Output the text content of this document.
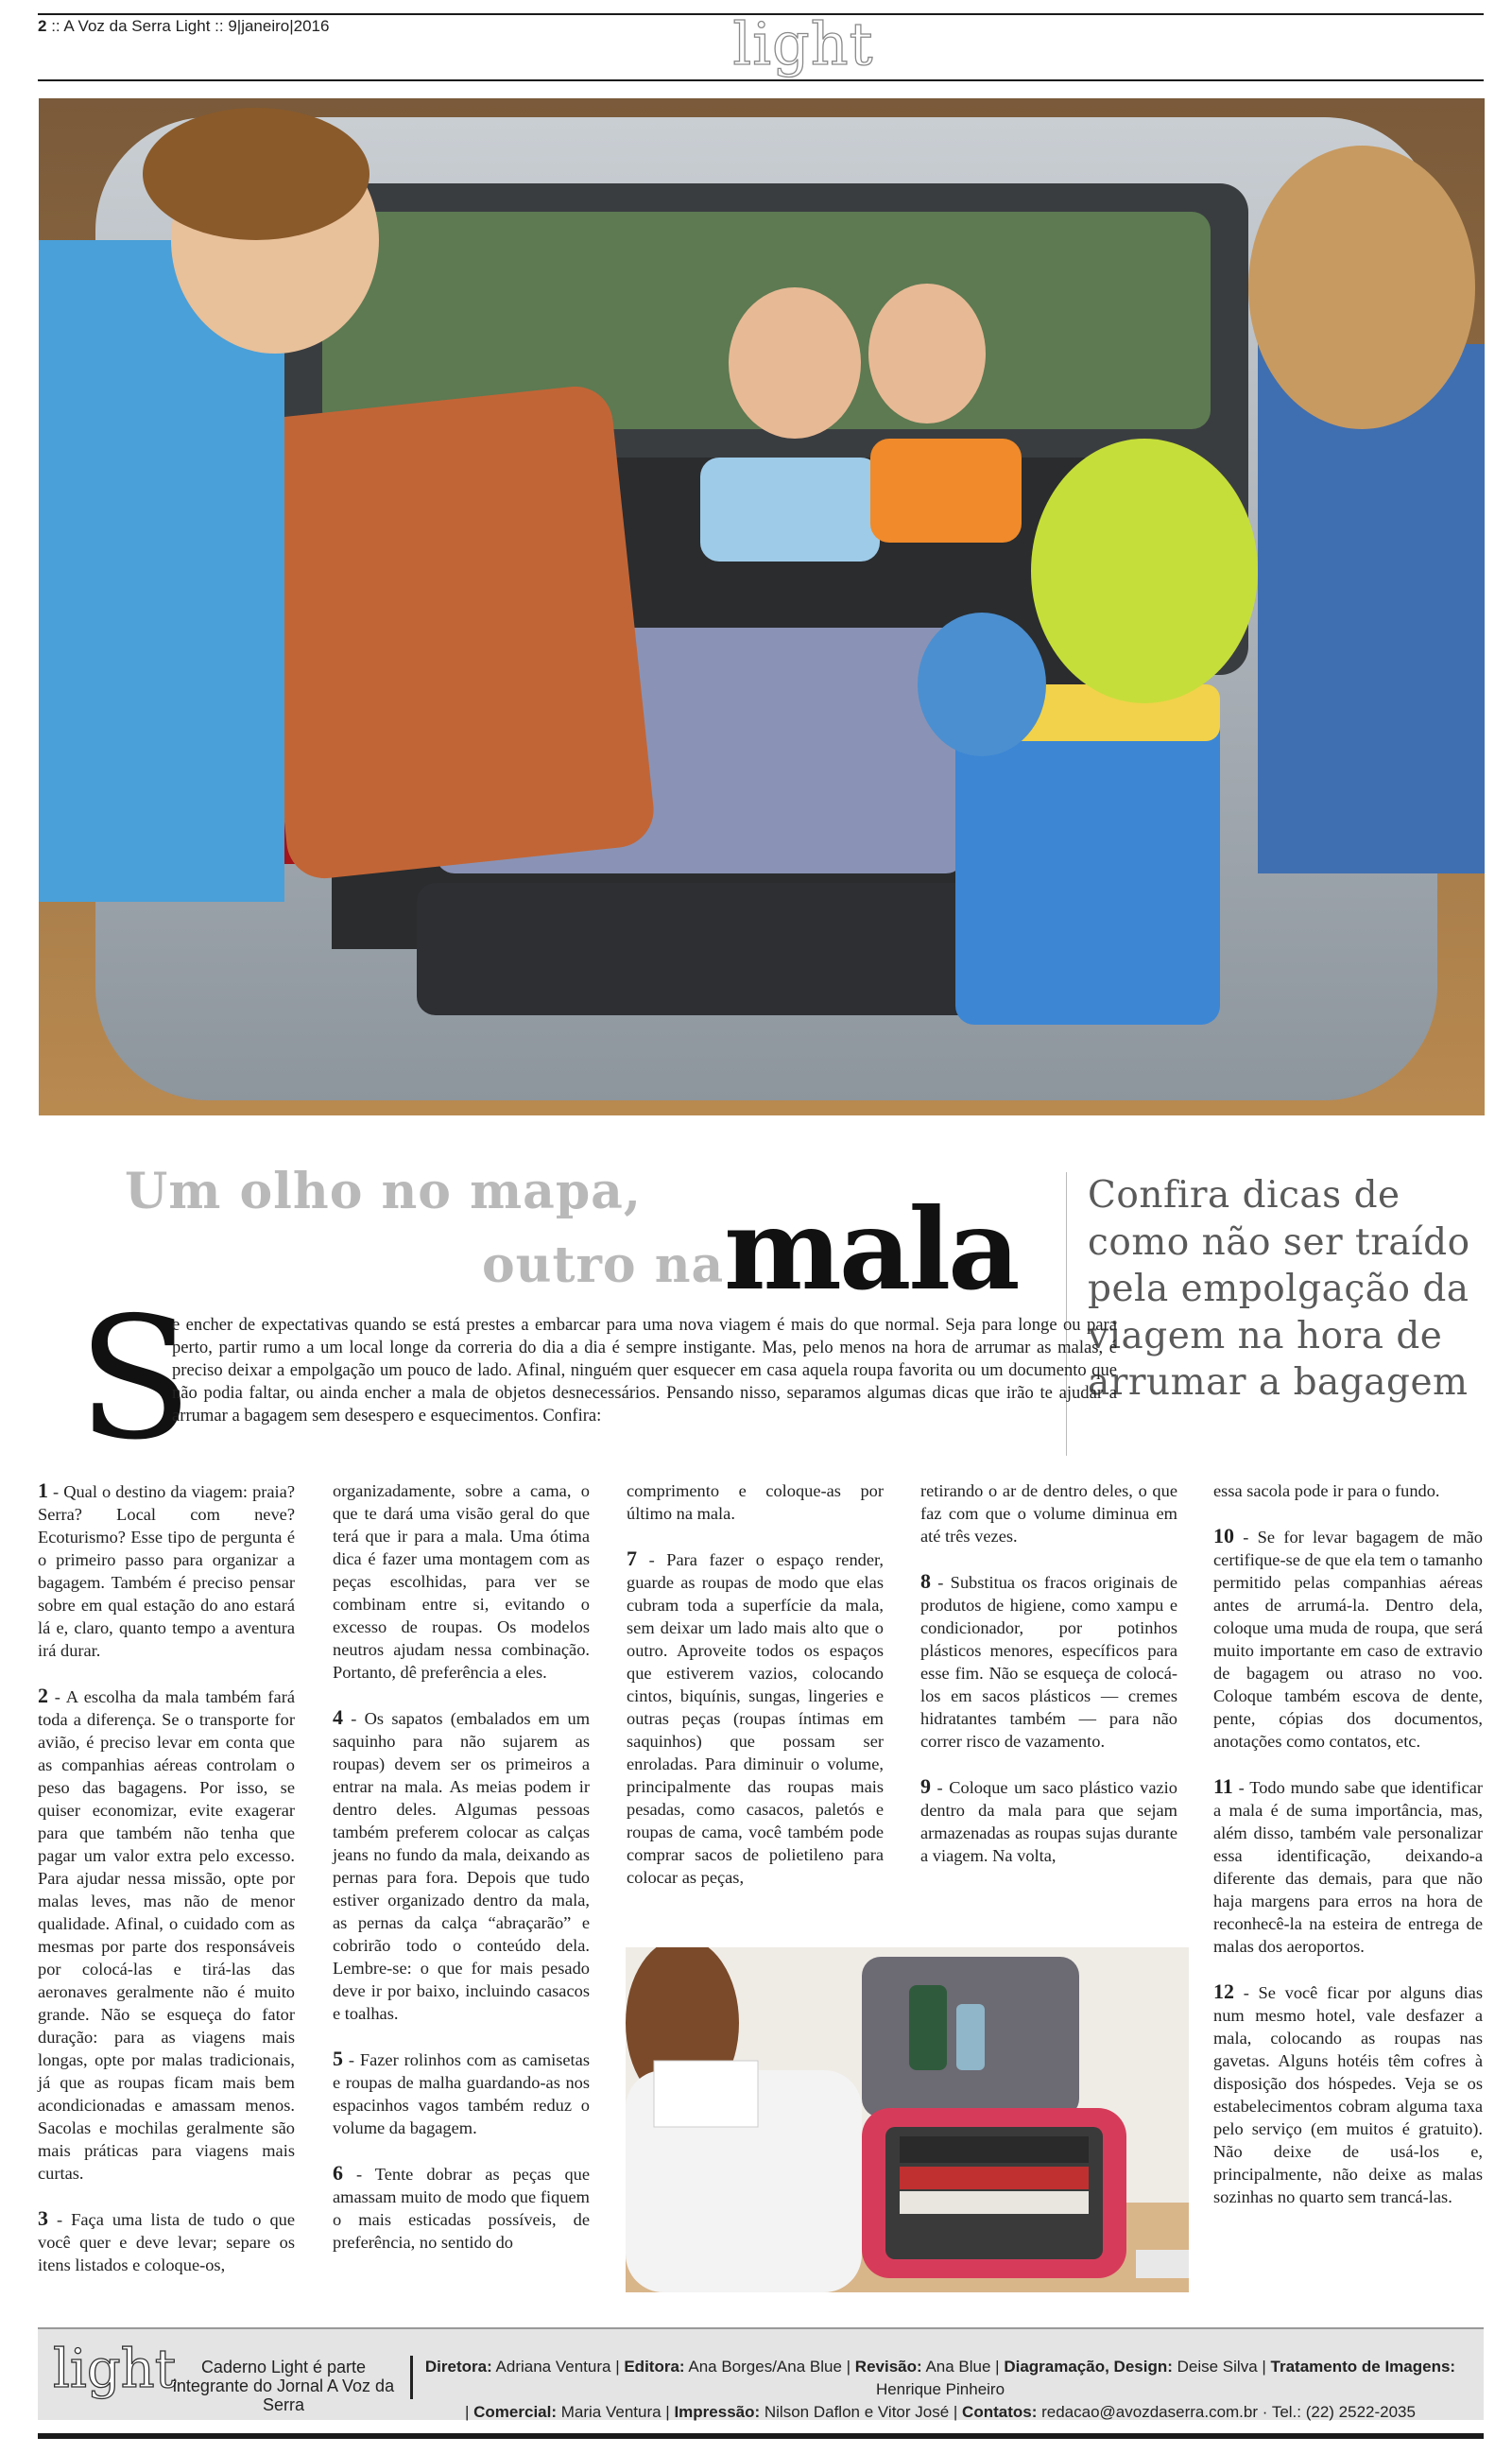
2 :: A Voz da Serra Light :: 9|janeiro|2016	light
Um olho no mapa,
outro na mala Confira dicas de como não ser traído pela empolgação da viagem na hora de arrumar a bagagem

S

e encher de expectativas quando se está prestes a embarcar para uma nova viagem é mais do que normal. Seja para longe ou para perto, partir rumo a um local longe da correria do dia a dia é sempre instigante. Mas, pelo menos na hora de arrumar as malas, é preciso deixar a empolgação um pouco de lado. Afinal, ninguém quer esquecer em casa aquela roupa favorita ou um documento que não podia faltar, ou ainda encher a mala de objetos desnecessários. Pensando nisso, separamos algumas dicas que irão te ajudar a arrumar a bagagem sem desespero e esquecimentos. Confira:

1 - Qual o destino da viagem: praia? Serra? Local com neve? Ecoturismo? Esse tipo de pergunta é o primeiro passo para organizar a bagagem. Também é preciso pensar sobre em qual estação do ano estará lá e, claro, quanto tempo a aventura irá durar.

2 - A escolha da mala também fará toda a diferença. Se o transporte for avião, é preciso levar em conta que as companhias aéreas controlam o peso das bagagens. Por isso, se quiser economizar, evite exagerar para que também não tenha que pagar um valor extra pelo excesso. Para ajudar nessa missão, opte por malas leves, mas não de menor qualidade. Afinal, o cuidado com as mesmas por parte dos responsáveis por colocá-las e tirá-las das aeronaves geralmente não é muito grande. Não se esqueça do fator duração: para as viagens mais longas, opte por malas tradicionais, já que as roupas ficam mais bem acondicionadas e amassam menos. Sacolas e mochilas geralmente são mais práticas para viagens mais curtas.

3 - Faça uma lista de tudo o que você quer e deve levar; separe os itens listados e coloque-os,

organizadamente, sobre a cama, o que te dará uma visão geral do que terá que ir para a mala. Uma ótima dica é fazer uma montagem com as peças escolhidas, para ver se combinam entre si, evitando o excesso de roupas. Os modelos neutros ajudam nessa combinação. Portanto, dê preferência a eles.

4 - Os sapatos (embalados em um saquinho para não sujarem as roupas) devem ser os primeiros a entrar na mala. As meias podem ir dentro deles. Algumas pessoas também preferem colocar as calças jeans no fundo da mala, deixando as pernas para fora. Depois que tudo estiver organizado dentro da mala, as pernas da calça “abraçarão” e cobrirão todo o conteúdo dela. Lembre-se: o que for mais pesado deve ir por baixo, incluindo casacos e toalhas.

5 - Fazer rolinhos com as camisetas e roupas de malha guardando-as nos espacinhos vagos também reduz o volume da bagagem.

6 - Tente dobrar as peças que amassam muito de modo que fiquem o mais esticadas possíveis, de preferência, no sentido do

comprimento e coloque-as por último na mala.

7 - Para fazer o espaço render, guarde as roupas de modo que elas cubram toda a superfície da mala, sem deixar um lado mais alto que o outro. Aproveite todos os espaços que estiverem vazios, colocando cintos, biquínis, sungas, lingeries e outras peças (roupas íntimas em saquinhos) que possam ser enroladas. Para diminuir o volume, principalmente das roupas mais pesadas, como casacos, paletós e roupas de cama, você também pode comprar sacos de polietileno para colocar as peças,

retirando o ar de dentro deles, o que faz com que o volume diminua em até três vezes.

8 - Substitua os fracos originais de produtos de higiene, como xampu e condicionador, por potinhos plásticos menores, específicos para esse fim. Não se esqueça de colocá-los em sacos plásticos — cremes hidratantes também — para não correr risco de vazamento.

9 - Coloque um saco plástico vazio dentro da mala para que sejam armazenadas as roupas sujas durante a viagem. Na volta,

essa sacola pode ir para o fundo.

10 - Se for levar bagagem de mão certifique-se de que ela tem o tamanho permitido pelas companhias aéreas antes de arrumá-la. Dentro dela, coloque uma muda de roupa, que será muito importante em caso de extravio de bagagem ou atraso no voo. Coloque também escova de dente, pente, cópias dos documentos, anotações como contatos, etc.

11 - Todo mundo sabe que identificar a mala é de suma importância, mas, além disso, também vale personalizar essa identificação, deixando-a diferente das demais, para que não haja margens para erros na hora de reconhecê-la na esteira de entrega de malas dos aeroportos.

12 - Se você ficar por alguns dias num mesmo hotel, vale desfazer a mala, colocando as roupas nas gavetas. Alguns hotéis têm cofres à disposição dos hóspedes. Veja se os estabelecimentos cobram alguma taxa pelo serviço (em muitos é gratuito). Não deixe de usá-los e, principalmente, não deixe as malas sozinhas no quarto sem trancá-las.

light	Caderno Light é parte integrante do Jornal A Voz da Serra
Diretora: Adriana Ventura | Editora: Ana Borges/Ana Blue | Revisão: Ana Blue | Diagramação, Design: Deise Silva | Tratamento de Imagens: Henrique Pinheiro
| Comercial: Maria Ventura | Impressão: Nilson Daflon e Vitor José | Contatos: redacao@avozdaserra.com.br · Tel.: (22) 2522-2035
